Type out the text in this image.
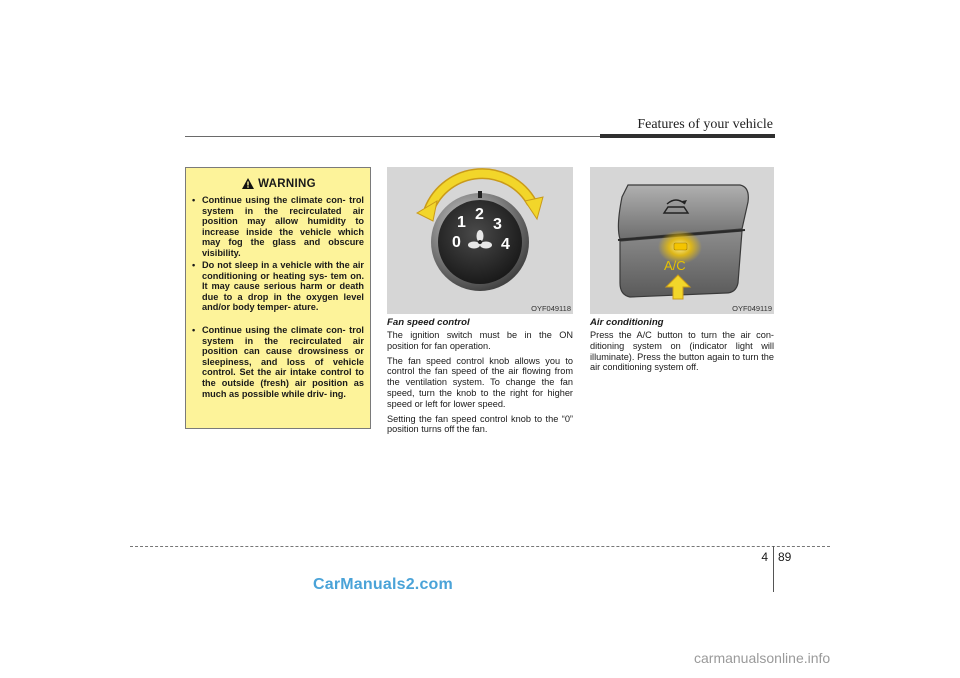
Features of your vehicle
WARNING
• Continue using the climate con- trol system in the recirculated air position may allow humidity to increase inside the vehicle which may fog the glass and obscure visibility.
• Do not sleep in a vehicle with the air conditioning or heating sys- tem on. It may cause serious harm or death due to a drop in the oxygen level and/or body temper- ature.
• Continue using the climate con- trol system in the recirculated air position can cause drowsiness or sleepiness, and loss of vehicle control. Set the air intake control to the outside (fresh) air position as much as possible while driv- ing.
0
1 2
3
4
OYF049118
A/C
OYF049119
Fan speed control

The ignition switch must be in the ON position for fan operation.

The fan speed control knob allows you to control the fan speed of the air flowing from the ventilation system. To change the fan speed, turn the knob to the right for higher speed or left for lower speed.

Setting the fan speed control knob to the “0” position turns off the fan.

Air conditioning

Press the A/C button to turn the air con- ditioning system on (indicator light will illuminate). Press the button again to turn the air conditioning system off.

4 89
CarManuals2.com
carmanualsonline.info
